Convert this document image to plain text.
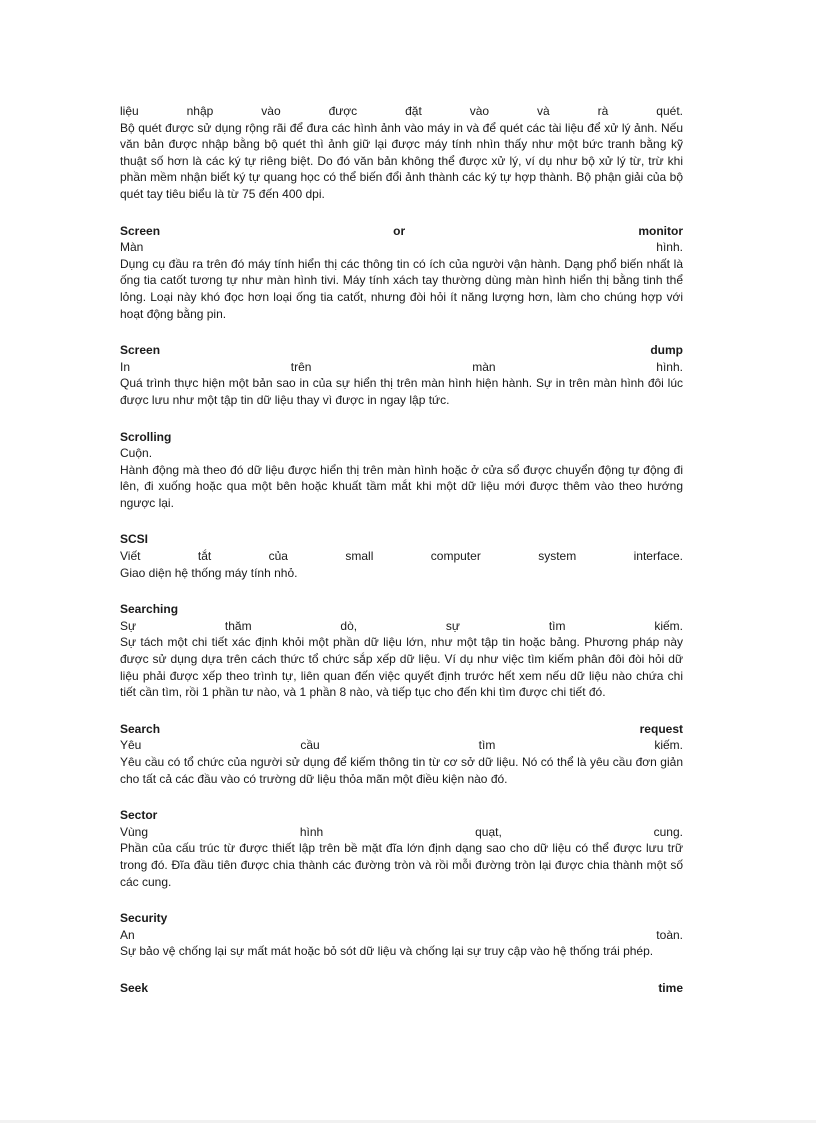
liệu nhập vào được đặt vào và rà quét.

Bộ quét được sử dụng rộng rãi để đưa các hình ảnh vào máy in và để quét các tài liệu để xử lý ảnh. Nếu văn bản được nhập bằng bộ quét thì ảnh giữ lại được máy tính nhìn thấy như một bức tranh bằng kỹ thuật số hơn là các ký tự riêng biệt. Do đó văn bản không thể được xử lý, ví dụ như bộ xử lý từ, trừ khi phần mềm nhận biết ký tự quang học có thể biến đổi ảnh thành các ký tự hợp thành. Bộ phận giải của bộ quét tay tiêu biểu là từ 75 đến 400 dpi.

Screen or monitor

Màn hình.

Dụng cụ đầu ra trên đó máy tính hiển thị các thông tin có ích của người vận hành. Dạng phổ biến nhất là ống tia catốt tương tự như màn hình tivi. Máy tính xách tay thường dùng màn hình hiển thị bằng tinh thể lỏng. Loại này khó đọc hơn loại ống tia catốt, nhưng đòi hỏi ít năng lượng hơn, làm cho chúng hợp với hoạt động bằng pin.

Screen dump

In trên màn hình.

Quá trình thực hiện một bản sao in của sự hiển thị trên màn hình hiện hành. Sự in trên màn hình đôi lúc được lưu như một tập tin dữ liệu thay vì được in ngay lập tức.

Scrolling

Cuộn.

Hành động mà theo đó dữ liệu được hiển thị trên màn hình hoặc ở cửa sổ được chuyển động tự động đi lên, đi xuống hoặc qua một bên hoặc khuất tầm mắt khi một dữ liệu mới được thêm vào theo hướng ngược lại.

SCSI

Viết tắt của small computer system interface.

Giao diện hệ thống máy tính nhỏ.

Searching

Sự thăm dò, sự tìm kiếm.

Sự tách một chi tiết xác định khỏi một phần dữ liệu lớn, như một tập tin hoặc bảng. Phương pháp này được sử dụng dựa trên cách thức tổ chức sắp xếp dữ liệu. Ví dụ như việc tìm kiếm phân đôi đòi hỏi dữ liệu phải được xếp theo trình tự, liên quan đến việc quyết định trước hết xem nếu dữ liệu nào chứa chi tiết cần tìm, rồi 1 phần tư nào, và 1 phần 8 nào, và tiếp tục cho đến khi tìm được chi tiết đó.

Search request

Yêu cầu tìm kiếm.

Yêu cầu có tổ chức của người sử dụng để kiếm thông tin từ cơ sở dữ liệu. Nó có thể là yêu cầu đơn giản cho tất cả các đầu vào có trường dữ liệu thỏa mãn một điều kiện nào đó.

Sector

Vùng hình quạt, cung.

Phần của cấu trúc từ được thiết lập trên bề mặt đĩa lớn định dạng sao cho dữ liệu có thể được lưu trữ trong đó. Đĩa đầu tiên được chia thành các đường tròn và rồi mỗi đường tròn lại được chia thành một số các cung.

Security

An toàn.

Sự bảo vệ chống lại sự mất mát hoặc bỏ sót dữ liệu và chống lại sự truy cập vào hệ thống trái phép.

Seek time
